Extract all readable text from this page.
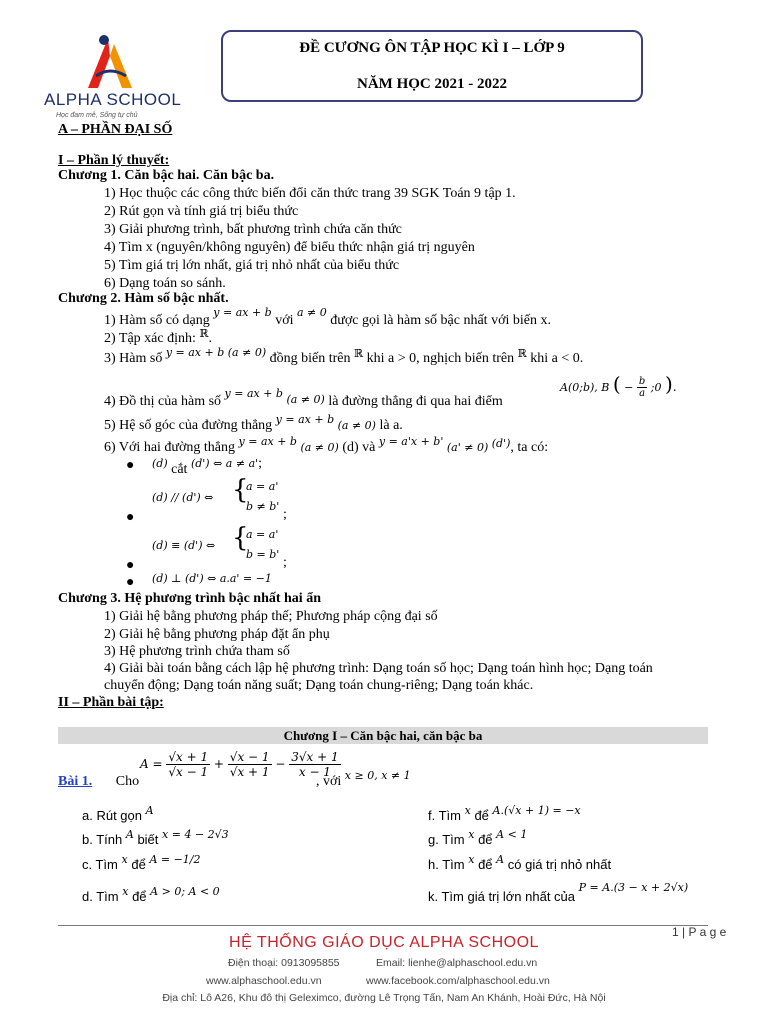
ALPHA SCHOOL
Học đam mê, Sống tự chủ
ĐỀ CƯƠNG ÔN TẬP HỌC KÌ I – LỚP 9
NĂM HỌC 2021 - 2022
A – PHẦN ĐẠI SỐ
I – Phần lý thuyết:
Chương 1. Căn bậc hai. Căn bậc ba.
1) Học thuộc các công thức biến đổi căn thức trang 39 SGK Toán 9 tập 1.
2) Rút gọn và tính giá trị biểu thức
3) Giải phương trình, bất phương trình chứa căn thức
4) Tìm x (nguyên/không nguyên) để biểu thức nhận giá trị nguyên
5) Tìm giá trị lớn nhất, giá trị nhỏ nhất của biểu thức
6) Dạng toán so sánh.
Chương 2. Hàm số bậc nhất.
1) Hàm số có dạng $^{y = ax + b}$ với $^{a \ne 0}$ được gọi là hàm số bậc nhất với biến x.
2) Tập xác định: $^ℝ$.
3) Hàm số $^{y = ax + b}$ $^{(a \ne 0)}$ đồng biến trên $^ℝ$ khi a > 0, nghịch biến trên $^ℝ$ khi a < 0.
4) Đồ thị của hàm số $^{y = ax + b}$ (a ≠ 0) là đường thẳng đi qua hai điểm
A(0;b), B ( − $\frac{b}{a}$ ;0 ).
5) Hệ số góc của đường thẳng $^{y = ax + b}$ (a ≠ 0) là a.
6) Với hai đường thẳng $^{y = ax + b}$ (a ≠ 0) (d) và $^{y = a'x + b'}$ (a' ≠ 0) $^{(d')}$, ta có:
● (d) cắt (d') ⇔ a ≠ a';
(d) // (d') ⇔ {
a = a'
b ≠ b'
;
●
(d) ≡ (d') ⇔ {
a = a'
b = b'
;
●
(d) ⊥ (d') ⇔ a.a' = −1
●
Chương 3. Hệ phương trình bậc nhất hai ẩn
1) Giải hệ bằng phương pháp thế; Phương pháp cộng đại số
2) Giải hệ bằng phương pháp đặt ẩn phụ
3) Hệ phương trình chứa tham số
4) Giải bài toán bằng cách lập hệ phương trình: Dạng toán số học; Dạng toán hình học; Dạng toán
chuyển động; Dạng toán năng suất; Dạng toán chung-riêng; Dạng toán khác.
II – Phần bài tập:
Chương I – Căn bậc hai, căn bậc ba
Bài 1. Cho
$A = \frac{√x + 1}{√x - 1} + \frac{√x - 1}{√x + 1} - \frac{3√x + 1}{x - 1}$
, với $^{x \ge 0, x \ne 1}$
a. Rút gọn $^A$
b. Tính $^A$ biết $^{x = 4 - 2√3}$
c. Tìm $^x$ để $^{A = -1/2}$
d. Tìm $^x$ để $^{A > 0; A < 0}$
f. Tìm $^x$ để $^{A.(√x + 1) = -x}$
g. Tìm $^x$ để $^{A < 1}$
h. Tìm $^x$ để $^A$ có giá trị nhỏ nhất
k. Tìm giá trị lớn nhất của $^{P = A.(3 - x + 2√x)}$
1 | P a g e
HỆ THỐNG GIÁO DỤC ALPHA SCHOOL
Điện thoại: 0913095855	Email: lienhe@alphaschool.edu.vn
www.alphaschool.edu.vn	www.facebook.com/alphaschool.edu.vn
Địa chỉ: Lô A26, Khu đô thị Geleximco, đường Lê Trọng Tấn, Nam An Khánh, Hoài Đức, Hà Nội
